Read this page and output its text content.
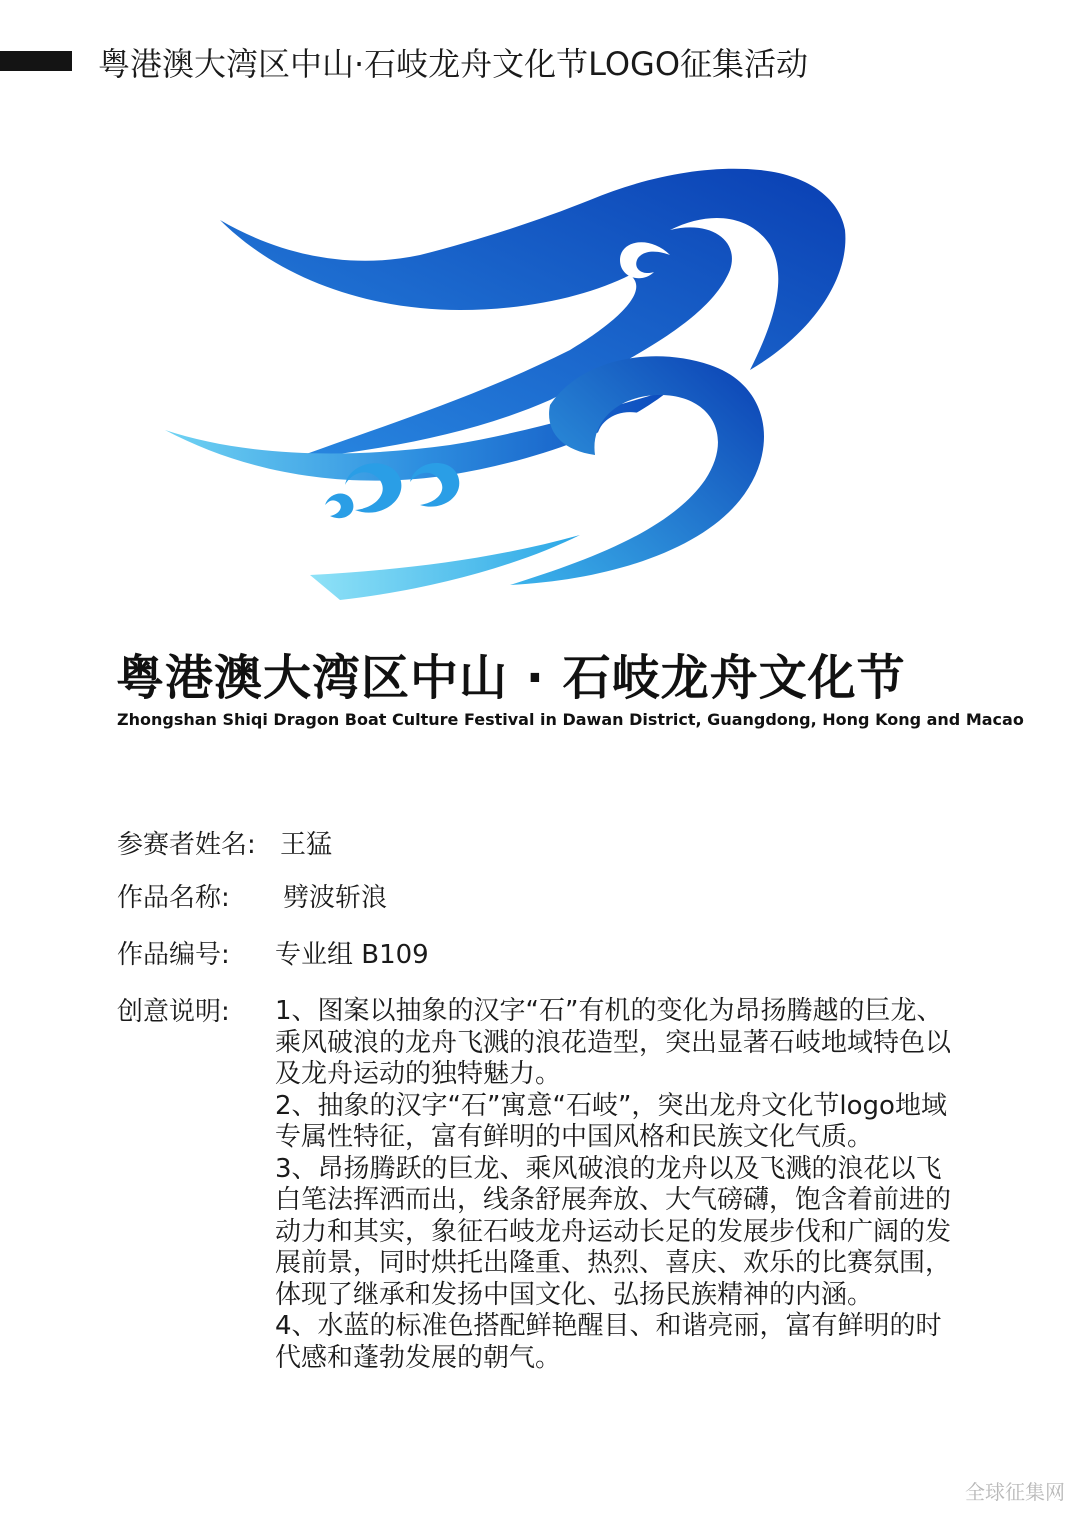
粤港澳大湾区中山·石岐龙舟文化节LOGO征集活动
粤港澳大湾区中山 · 石岐龙舟文化节
Zhongshan Shiqi Dragon Boat Culture Festival in Dawan District, Guangdong, Hong Kong and Macao
参赛者姓名: 王猛
作品名称: 劈波斩浪
作品编号: 专业组 B109
创意说明: 1、图案以抽象的汉字“石”有机的变化为昂扬腾越的巨龙、乘风破浪的龙舟飞溅的浪花造型，突出显著石岐地域特色以及龙舟运动的独特魅力。

2、抽象的汉字“石”寓意“石岐”，突出龙舟文化节logo地域专属性特征，富有鲜明的中国风格和民族文化气质。

3、昂扬腾跃的巨龙、乘风破浪的龙舟以及飞溅的浪花以飞白笔法挥洒而出，线条舒展奔放、大气磅礴，饱含着前进的动力和其实，象征石岐龙舟运动长足的发展步伐和广阔的发展前景，同时烘托出隆重、热烈、喜庆、欢乐的比赛氛围，体现了继承和发扬中国文化、弘扬民族精神的内涵。

4、水蓝的标准色搭配鲜艳醒目、和谐亮丽，富有鲜明的时代感和蓬勃发展的朝气。

全球征集网
